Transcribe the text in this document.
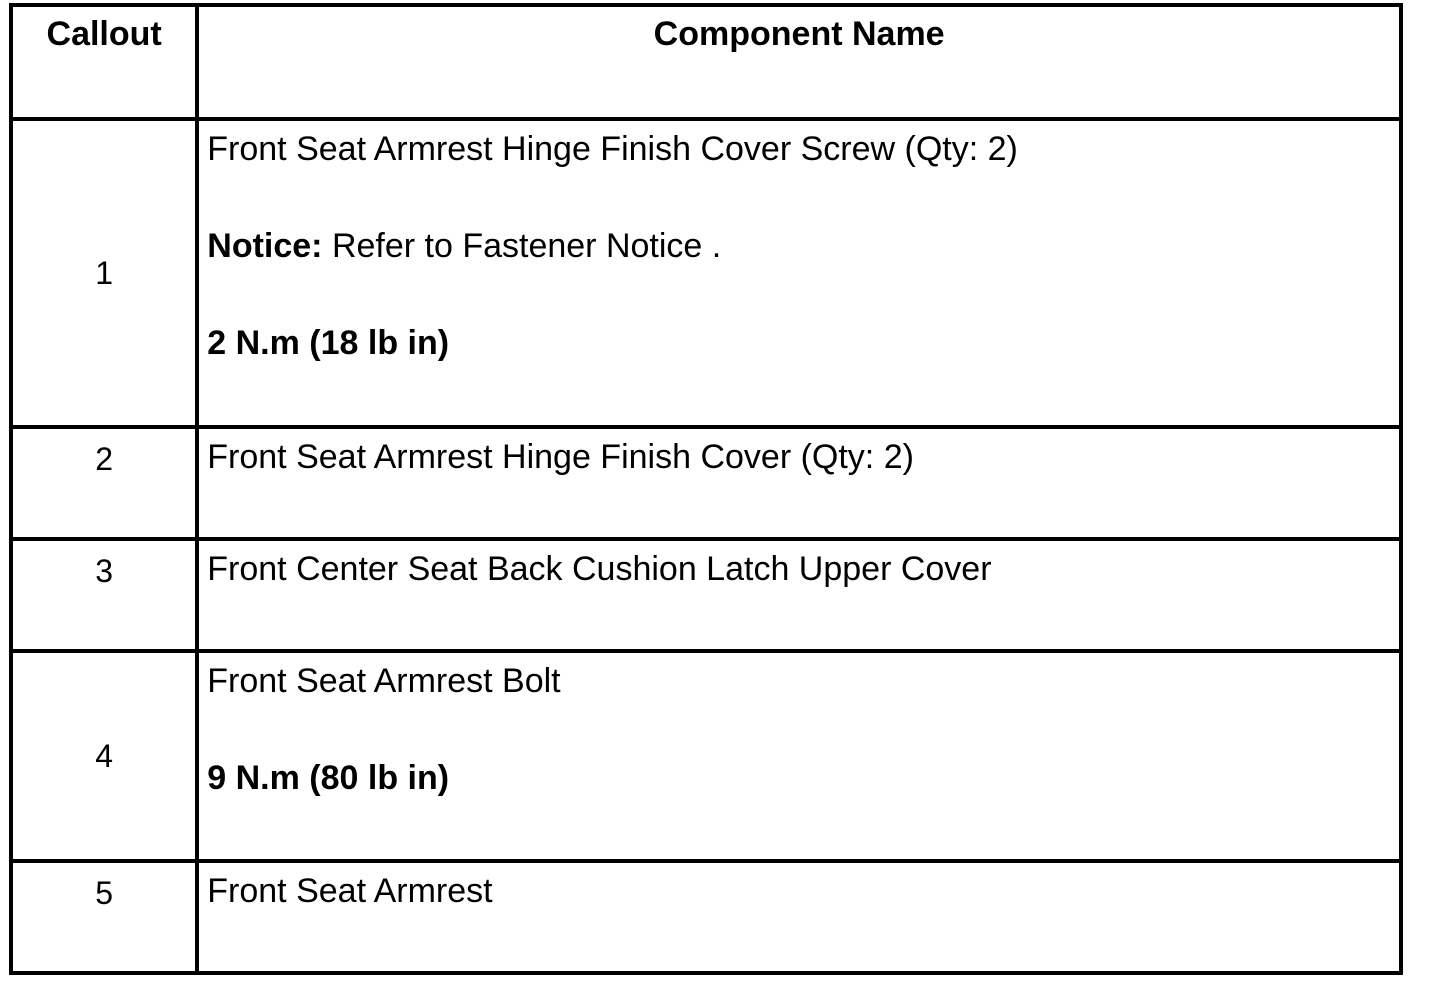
Callout	Component Name

1	Front Seat Armrest Hinge Finish Cover Screw (Qty: 2)
Notice: Refer to Fastener Notice .
2 N.m (18 lb in)

2	Front Seat Armrest Hinge Finish Cover (Qty: 2)

3	Front Center Seat Back Cushion Latch Upper Cover

4	Front Seat Armrest Bolt
9 N.m (80 lb in)

5	Front Seat Armrest
